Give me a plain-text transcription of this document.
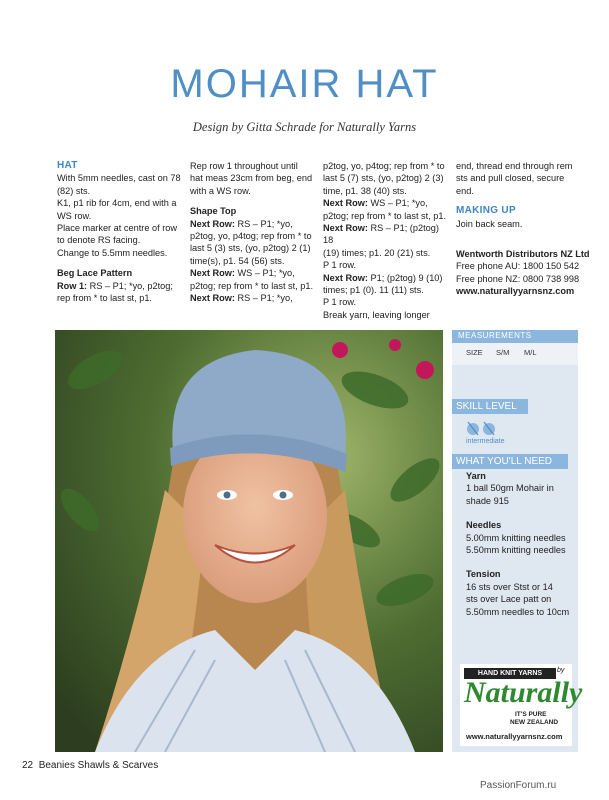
MOHAIR HAT
Design by Gitta Schrade for Naturally Yarns

HAT

With 5mm needles, cast on 78

(82) sts.

K1, p1 rib for 4cm, end with a

WS row.

Place marker at centre of row

to denote RS facing.

Change to 5.5mm needles.

Beg Lace Pattern

Row 1: RS – P1; *yo, p2tog;

rep from * to last st, p1.

Rep row 1 throughout until

hat meas 23cm from beg, end

with a WS row.

Shape Top

Next Row: RS – P1; *yo,

p2tog, yo, p4tog; rep from * to

last 5 (3) sts, (yo, p2tog) 2 (1)

time(s), p1. 54 (56) sts.

Next Row: WS – P1; *yo,

p2tog; rep from * to last st, p1.

Next Row: RS – P1; *yo,

p2tog, yo, p4tog; rep from * to

last 5 (7) sts, (yo, p2tog) 2 (3)

time, p1. 38 (40) sts.

Next Row: WS – P1; *yo,

p2tog; rep from * to last st, p1.

Next Row: RS – P1; (p2tog) 18

(19) times; p1. 20 (21) sts.

P 1 row.

Next Row: P1; (p2tog) 9 (10)

times; p1 (0). 11 (11) sts.

P 1 row.

Break yarn, leaving longer

end, thread end through rem

sts and pull closed, secure

end.

MAKING UP

Join back seam.

Wentworth Distributors NZ Ltd

Free phone AU: 1800 150 542

Free phone NZ: 0800 738 998

www.naturallyyarnsnz.com

MEASUREMENTS
SIZE S/M M/L
SKILL LEVEL
intermediate
WHAT YOU'LL NEED
Yarn
1 ball 50gm Mohair in
shade 915
Needles
5.00mm knitting needles
5.50mm knitting needles
Tension
16 sts over Stst or 14
sts over Lace patt on
5.50mm needles to 10cm
HAND KNIT YARNS	by
Naturally
IT'S PURE
NEW ZEALAND
www.naturallyyarnsnz.com
22 Beanies Shawls & Scarves
PassionForum.ru
